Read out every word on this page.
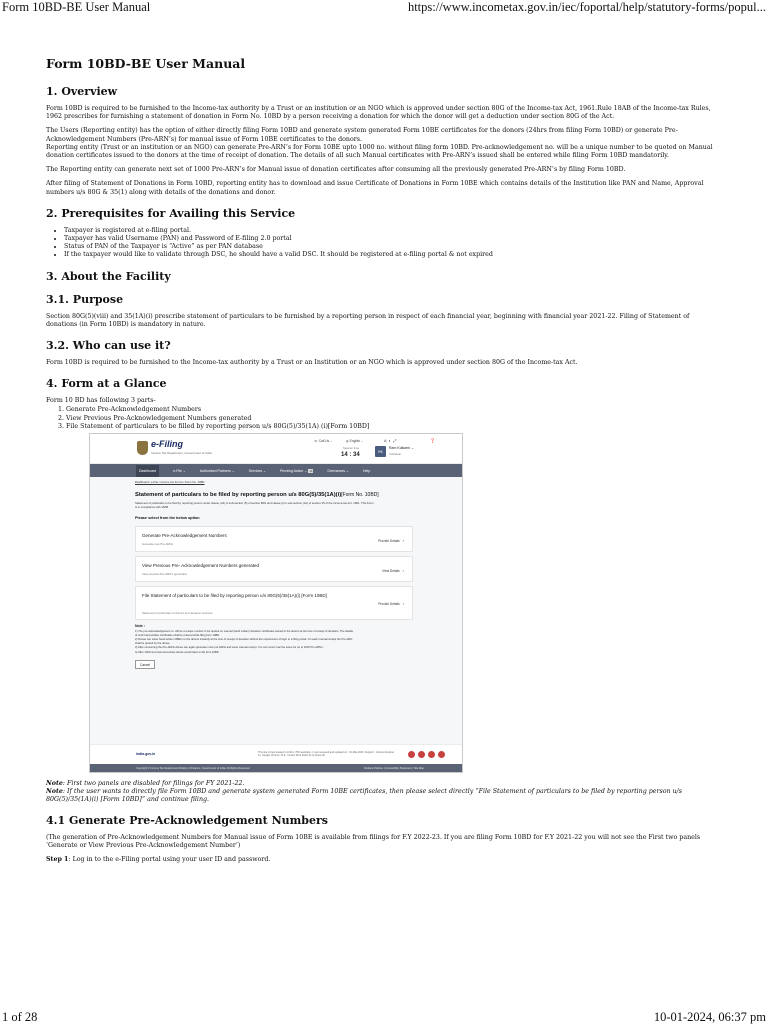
Form 10BD-BE User Manual	https://www.incometax.gov.in/iec/foportal/help/statutory-forms/popul...
Form 10BD-BE User Manual
1. Overview

Form 10BD is required to be furnished to the Income-tax authority by a Trust or an institution or an NGO which is approved under section 80G of the Income-tax Act, 1961.Rule 18AB of the Income-tax Rules, 1962 prescribes for furnishing a statement of donation in Form No. 10BD by a person receiving a donation for which the donor will get a deduction under section 80G of the Act.

The Users (Reporting entity) has the option of either directly filing Form 10BD and generate system generated Form 10BE certificates for the donors (24hrs from filing Form 10BD) or generate Pre-Acknowledgement Numbers (Pre-ARN’s) for manual issue of Form 10BE certificates to the donors.
Reporting entity (Trust or an institution or an NGO) can generate Pre-ARN’s for Form 10BE upto 1000 no. without filing form 10BD. Pre-acknowledgement no. will be a unique number to be quoted on Manual donation certificates issued to the donors at the time of receipt of donation. The details of all such Manual certificates with Pre-ARN’s issued shall be entered while filing Form 10BD mandatorily.

The Reporting entity can generate next set of 1000 Pre-ARN’s for Manual issue of donation certificates after consuming all the previously generated Pre-ARN’s by filing Form 10BD.

After filing of Statement of Donations in Form 10BD, reporting entity has to download and issue Certificate of Donations in Form 10BE which contains details of the Institution like PAN and Name, Approval numbers u/s 80G & 35(1) along with details of the donations and donor.

2. Prerequisites for Availing this Service
• Taxpayer is registered at e-filing portal.
• Taxpayer has valid Username (PAN) and Password of E-filing 2.0 portal
• Status of PAN of the Taxpayer is “Active” as per PAN database
• If the taxpayer would like to validate through DSC, he should have a valid DSC. It should be registered at e-filing portal & not expired
3. About the Facility
3.1. Purpose

Section 80G(5)(viii) and 35(1A)(i) prescribe statement of particulars to be furnished by a reporting person in respect of each financial year, beginning with financial year 2021-22. Filing of Statement of donations (in Form 10BD) is mandatory in nature.

3.2. Who can use it?

Form 10BD is required to be furnished to the Income-tax authority by a Trust or an Institution or an NGO which is approved under section 80G of the Income-tax Act.

4. Form at a Glance

Form 10 BD has following 3 parts-

1. Generate Pre-Acknowledgement Numbers
2. View Previous Pre-Acknowledgement Numbers generated
3. File Statement of particulars to be filled by reporting person u/s 80G(5)/35(1A) (i)[Form 10BD]
e-Filing
Income Tax Department, Government of India
☏ Call Us ⌄	◍ English ⌄	A  ◐  ⤢	❓
Session time
14 : 34
RK
Ram Kulkarni ⌄
Individual
Dashboard	e-File ⌄	Authorised Partners ⌄	Services ⌄	Pending Action ⌄ 10	Grievances ⌄	Help
Dashboard / e-File / Income tax Forms / Form No. 10BD
Statement of particulars to be filed by reporting person u/s 80G(5)/35(1A)(i)[Form No. 10BD]
Statement of particulars to be filed by reporting person under clause (viii) of sub-section (5) of section 80G and clause (i) to sub-section (1A) of section 35 of the Income-tax Act, 1961. This Form is in compliance with 18AB
Please select from the below option
Generate Pre-Acknowledgement Numbers
Generate new Pre-ARNs
Provide Details ›
View Previous Pre- Acknowledgement Numbers generated
View previous Pre-ARN's generated
View Details ›
File Statement of particulars to be filed by reporting person u/s 80G(5)/35(1A)(i) [Form 10BD]
Statement of particulars of donors and donation received
Provide Details ›
Note :
1) The pre-acknowledgement no. will be a unique number to be quoted on manual (hand written) donation certificates issued to the donors at the time of receipt of donation. The details of such hand written certificates shall be entered while filing form 10BD.
2) Donee can issue hand written 10BE's to the donors instantly at the time of receipt of donation without the requirement of login to e-filing portal. On each manual receipt the Pre-ARN shall be quoted by the donee.
3) After consuming the Pre-ARNs donee can again generate more pre ARNs and issue manual receipt. You can count max the same for up to 1000 Pre ARN's.
4) After 1000 unconsumed entries donee would have to file form 10BD
Cancel
india.gov.in	This site is best viewed in 1024 x 768 resolution. | Last reviewed and updated on : 10-Mar-2023. Support : Internet Explorer 11, Google Chrome 74 & , Firefox 68 & Safari 11 & Opera 60
Copyright © Income Tax Department Ministry of Finance, Government of India. All Rights Reserved	Website Policies | Accessibility Statement | Site Map
Note: First two panels are disabled for filings for FY 2021-22.
Note: If the user wants to directly file Form 10BD and generate system generated Form 10BE certificates, then please select directly “File Statement of particulars to be filed by reporting person u/s 80G(5)/35(1A)(i) [Form 10BD]” and continue filing.
4.1 Generate Pre-Acknowledgement Numbers

(The generation of Pre-Acknowledgement Numbers for Manual issue of Form 10BE is available from filings for F.Y 2022-23. If you are filing Form 10BD for F.Y 2021-22 you will not see the First two panels ‘Generate or View Previous Pre-Acknowledgement Number’)

Step 1: Log in to the e-Filing portal using your user ID and password.

1 of 28	10-01-2024, 06:37 pm
